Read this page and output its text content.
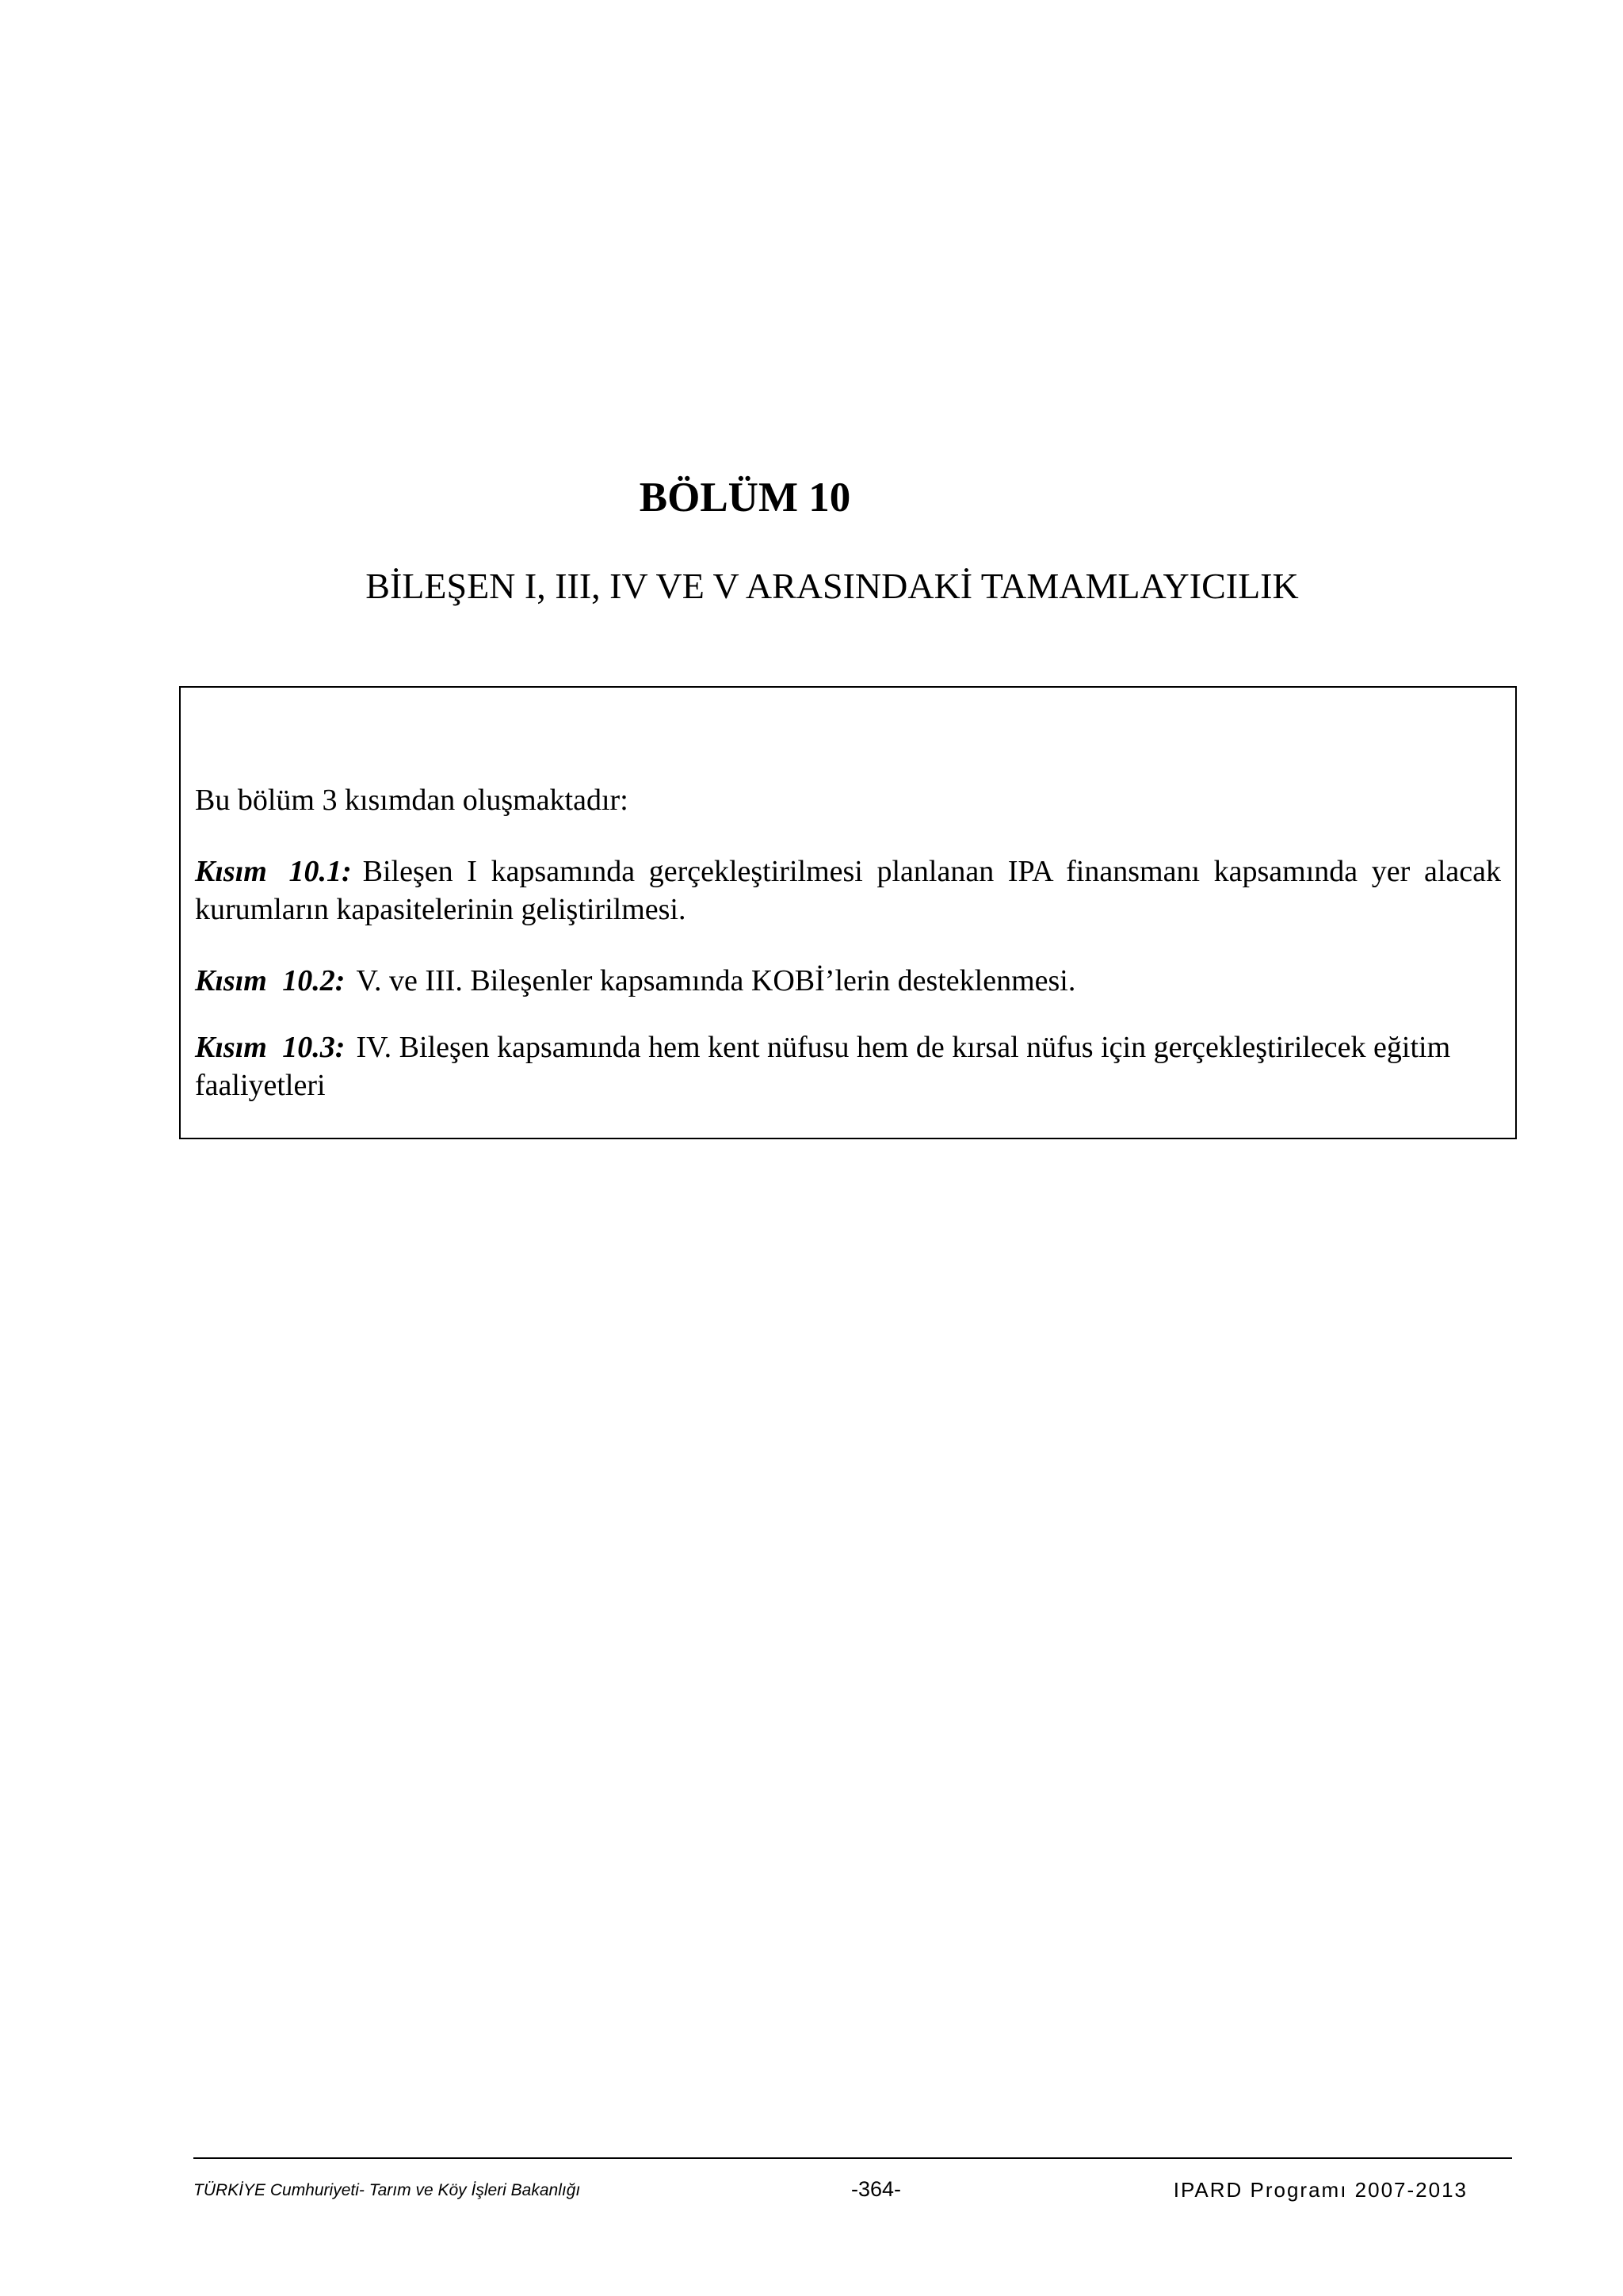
BÖLÜM 10
BİLEŞEN I, III, IV VE V ARASINDAKİ TAMAMLAYICILIK
Bu bölüm 3 kısımdan oluşmaktadır:
Kısım 10.1: Bileşen I kapsamında gerçekleştirilmesi planlanan IPA finansmanı kapsamında yer alacak kurumların kapasitelerinin geliştirilmesi.
Kısım 10.2: V. ve III. Bileşenler kapsamında KOBİ’lerin desteklenmesi.
Kısım 10.3: IV. Bileşen kapsamında hem kent nüfusu hem de kırsal nüfus için gerçekleştirilecek eğitim faaliyetleri
TÜRKİYE Cumhuriyeti- Tarım ve Köy İşleri Bakanlığı	-364-	IPARD Programı 2007-2013
